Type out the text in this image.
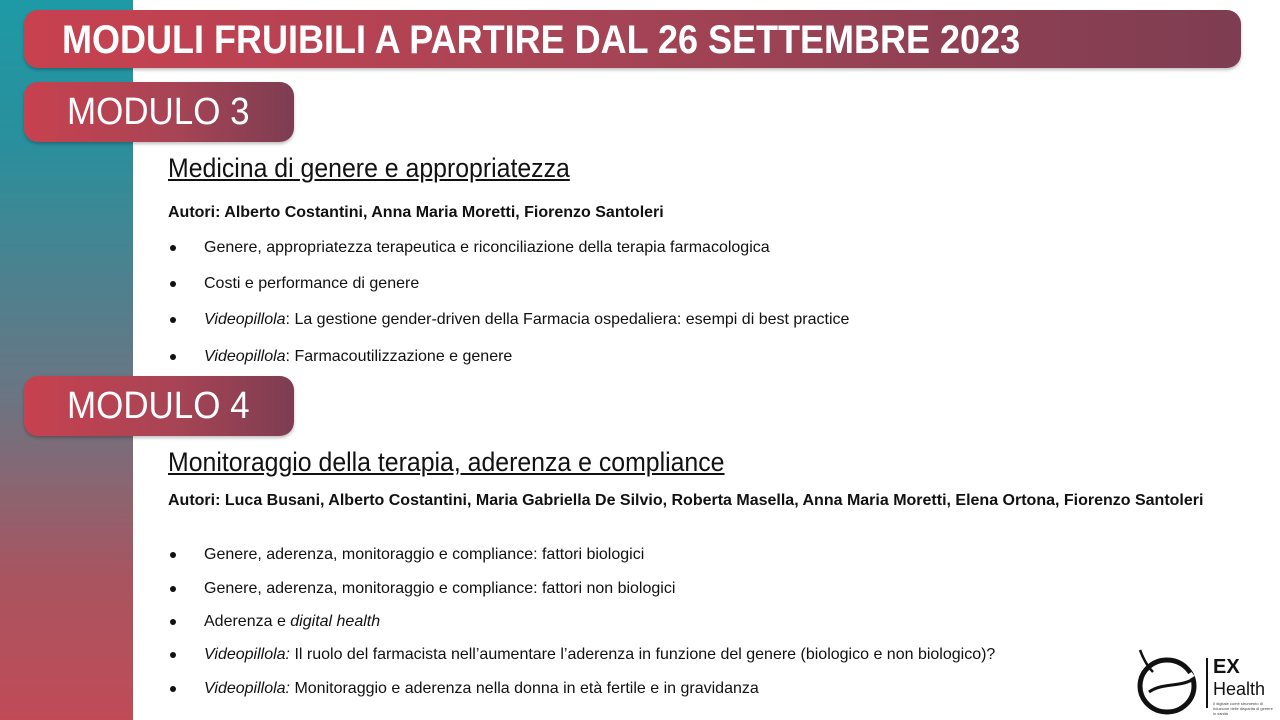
MODULI FRUIBILI A PARTIRE DAL 26 SETTEMBRE 2023
MODULO 3
Medicina di genere e appropriatezza
Autori: Alberto Costantini, Anna Maria Moretti, Fiorenzo Santoleri
Genere, appropriatezza terapeutica e riconciliazione della terapia farmacologica
Costi e performance di genere
Videopillola: La gestione gender-driven della Farmacia ospedaliera: esempi di best practice
Videopillola: Farmacoutilizzazione e genere
MODULO 4
Monitoraggio della terapia, aderenza e compliance
Autori: Luca Busani, Alberto Costantini, Maria Gabriella De Silvio, Roberta Masella, Anna Maria Moretti, Elena Ortona, Fiorenzo Santoleri
Genere, aderenza, monitoraggio e compliance: fattori biologici
Genere, aderenza, monitoraggio e compliance: fattori non biologici
Aderenza e digital health
Videopillola: Il ruolo del farmacista nell’aumentare l’aderenza in funzione del genere (biologico e non biologico)?
Videopillola: Monitoraggio e aderenza nella donna in età fertile e in gravidanza
EX
Health
Il digitale come strumento di riduzione delle disparità di genere in sanità
